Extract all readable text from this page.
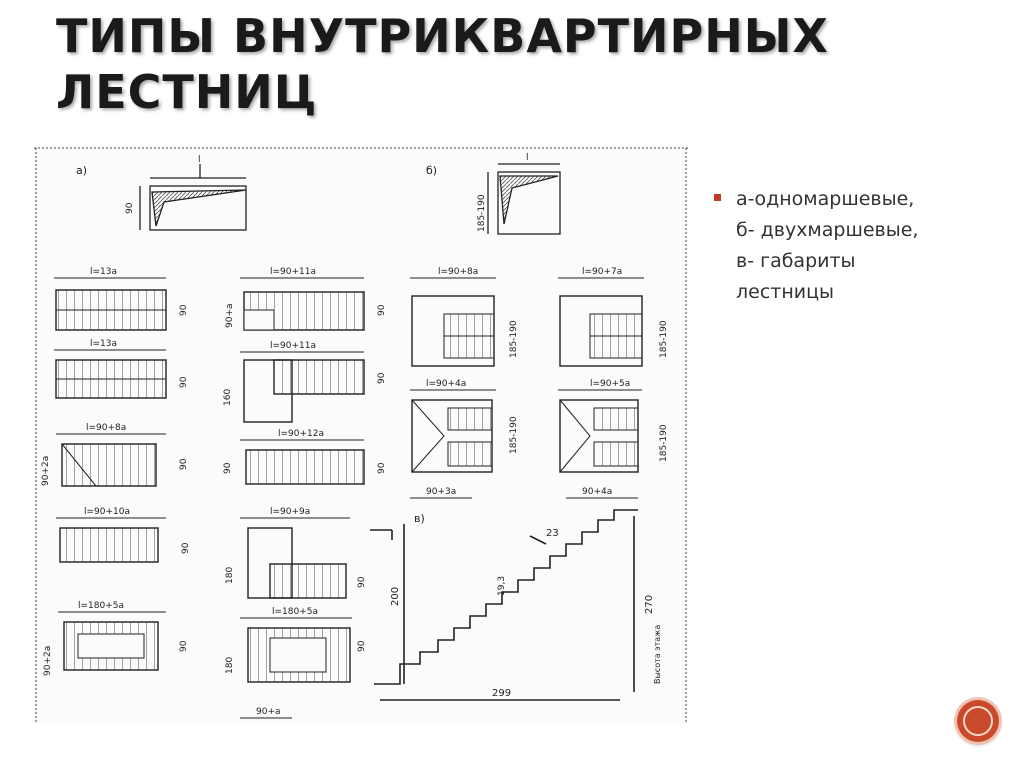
ТИПЫ ВНУТРИКВАРТИРНЫХ ЛЕСТНИЦ
а)
l
90
б)
l
185-190
l=13a
90
l=13a
90
l=90+8a
90
90+2a
l=90+10a
90
l=180+5a
90
90+2a
l=90+11a
90
90+a
l=90+11a
90
160
l=90+12a
90
90
l=90+9a
90
180
l=180+5a
90
180
90+a
l=90+8a
185-190
l=90+7a
185-190
l=90+4a
185-190
90+3a
l=90+5a
185-190
90+4a
в)
200
23
19,3
299
270
Высота этажа
а-одномаршевые,
б- двухмаршевые,
в- габариты
лестницы
